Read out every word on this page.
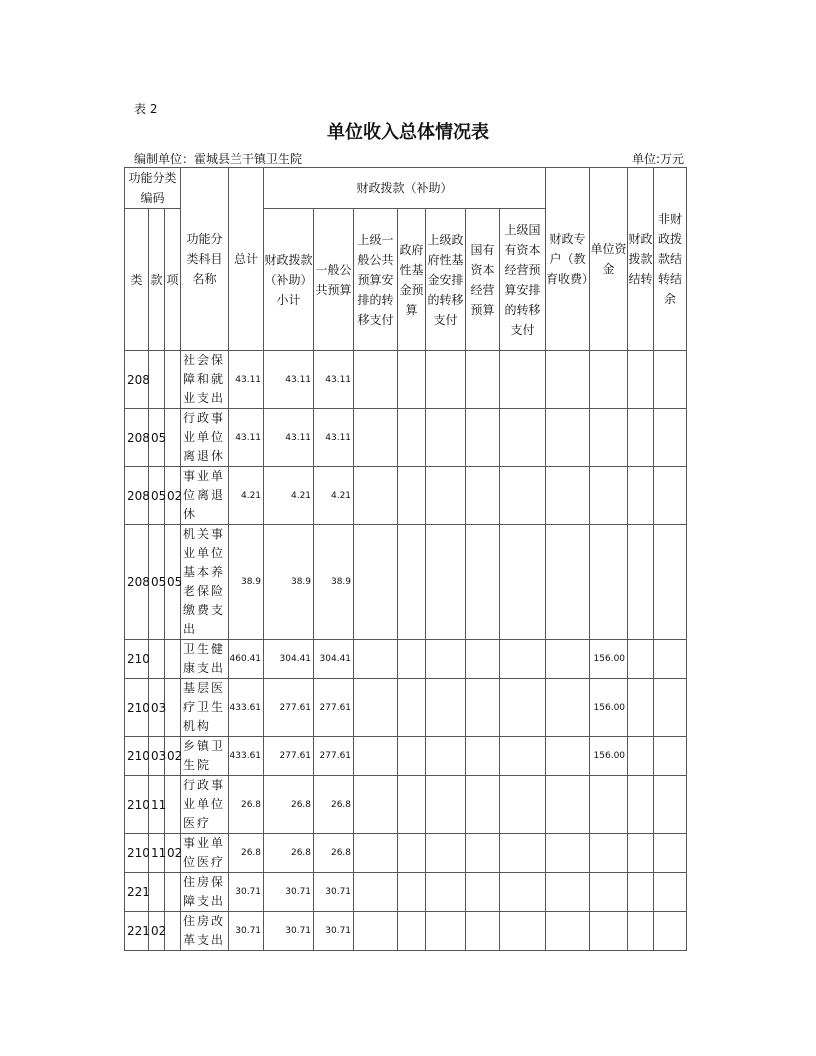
表 2
单位收入总体情况表
编制单位：霍城县兰干镇卫生院	单位:万元
功能分类编码			功能分类科目名称	总计	财政拨款（补助）							财政专户（教育收费）	单位资金	财政拨款结转	非财政拨款结转结余
类	款	项			财政拨款（补助）小计	一般公共预算	上级一般公共预算安排的转移支付	政府性基金预算	上级政府性基金安排的转移支付	国有资本经营预算	上级国有资本经营预算安排的转移支付				
208			社会保障和就业支出	43.11	43.11	43.11									
208	05		行政事业单位离退休	43.11	43.11	43.11									
208	05	02	事业单位离退休	4.21	4.21	4.21									
208	05	05	机关事业单位基本养老保险缴费支出	38.9	38.9	38.9									
210			卫生健康支出	460.41	304.41	304.41							156.00		
210	03		基层医疗卫生机构	433.61	277.61	277.61							156.00		
210	03	02	乡镇卫生院	433.61	277.61	277.61							156.00		
210	11		行政事业单位医疗	26.8	26.8	26.8									
210	11	02	事业单位医疗	26.8	26.8	26.8									
221			住房保障支出	30.71	30.71	30.71									
221	02		住房改革支出	30.71	30.71	30.71									
